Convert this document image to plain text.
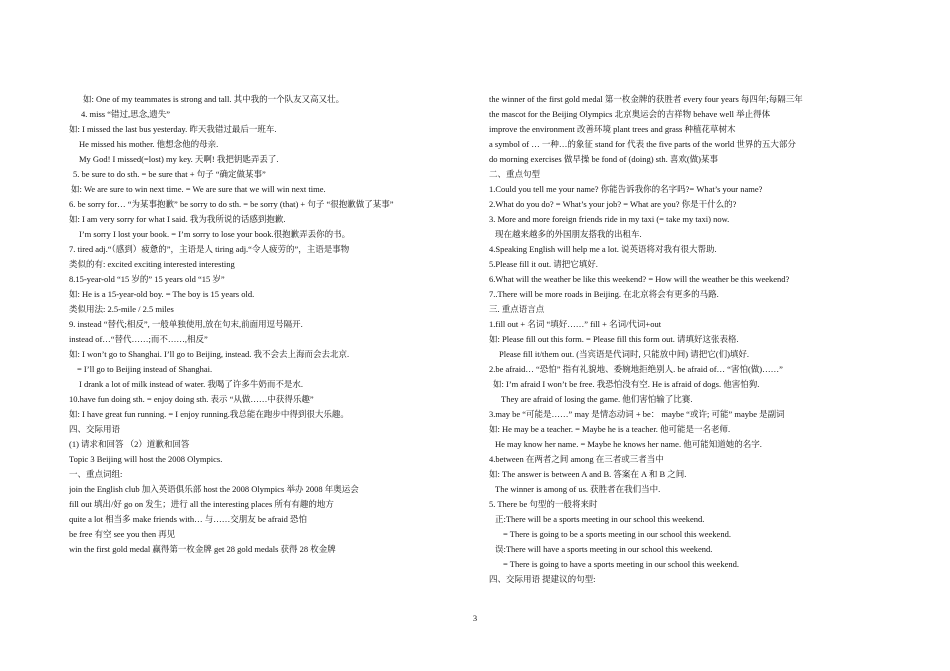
如: One of my teammates is strong and tall. 其中我的一个队友又高又壮。
4. miss “错过,思念,遗失”
如: I missed the last bus yesterday. 昨天我错过最后一班车.
He missed his mother. 他想念他的母亲.
My God! I missed(=lost) my key. 天啊! 我把钥匙弄丢了.
5. be sure to do sth. = be sure that + 句子 “确定做某事”
如: We are sure to win next time. = We are sure that we will win next time.
6. be sorry for… “为某事抱歉” be sorry to do sth. = be sorry (that) + 句子 “很抱歉做了某事”
如: I am very sorry for what I said. 我为我所说的话感到抱歉.
I’m sorry I lost your book. = I’m sorry to lose your book.很抱歉弄丢你的书。
7. tired adj.“（感到）疲惫的”，主语是人 tiring adj.“令人疲劳的”，主语是事物
类似的有: excited exciting interested interesting
8.15-year-old “15 岁的” 15 years old “15 岁”
如: He is a 15-year-old boy. = The boy is 15 years old.
类似用法: 2.5-mile / 2.5 miles
9. instead “替代;相反”, 一般单独使用,放在句末,前面用逗号隔开.
instead of…“替代……;而不……,相反”
如: I won’t go to Shanghai. I’ll go to Beijing, instead. 我不会去上海而会去北京.
= I’ll go to Beijing instead of Shanghai.
I drank a lot of milk instead of water. 我喝了许多牛奶而不是水.
10.have fun doing sth. = enjoy doing sth. 表示 “从做……中获得乐趣”
如: I have great fun running. = I enjoy running.我总能在跑步中得到很大乐趣。
四、交际用语
(1) 请求和回答 （2）道歉和回答
Topic 3 Beijing will host the 2008 Olympics.
一、重点词组:
join the English club 加入英语俱乐部 host the 2008 Olympics 举办 2008 年奥运会
fill out 填出/好 go on 发生；进行 all the interesting places 所有有趣的地方
quite a lot 相当多 make friends with… 与……交朋友 be afraid 恐怕
be free 有空 see you then 再见
win the first gold medal 赢得第一枚金牌 get 28 gold medals 获得 28 枚金牌
the winner of the first gold medal 第一枚金牌的获胜者 every four years 每四年;每隔三年
the mascot for the Beijing Olympics 北京奥运会的吉祥物 behave well 举止得体
improve the environment 改善环境 plant trees and grass 种植花草树木
a symbol of … 一种…的象征 stand for 代表 the five parts of the world 世界的五大部分
do morning exercises 做早操 be fond of (doing) sth. 喜欢(做)某事
二、重点句型
1.Could you tell me your name? 你能告诉我你的名字吗?= What’s your name?
2.What do you do? = What’s your job? = What are you? 你是干什么的?
3. More and more foreign friends ride in my taxi (= take my taxi) now.
现在越来越多的外国朋友搭我的出租车.
4.Speaking English will help me a lot. 说英语将对我有很大帮助.
5.Please fill it out. 请把它填好.
6.What will the weather be like this weekend? = How will the weather be this weekend?
7..There will be more roads in Beijing. 在北京将会有更多的马路.
三. 重点语言点
1.fill out + 名词 “填好……” fill + 名词/代词+out
如: Please fill out this form. = Please fill this form out. 请填好这张表格.
Please fill it/them out. (当宾语是代词时, 只能放中间) 请把它(们)填好.
2.be afraid… “恐怕” 指有礼貌地、委婉地拒绝别人. be afraid of… “害怕(做)……”
如: I’m afraid I won’t be free. 我恐怕没有空. He is afraid of dogs. 他害怕狗.
They are afraid of losing the game. 他们害怕输了比赛.
3.may be “可能是……” may 是情态动词 + be： maybe “或许; 可能” maybe 是副词
如: He may be a teacher. = Maybe he is a teacher. 他可能是一名老师.
He may know her name. = Maybe he knows her name. 他可能知道她的名字.
4.between 在两者之间 among 在三者或三者当中
如: The answer is between A and B. 答案在 A 和 B 之间.
The winner is among of us. 获胜者在我们当中.
5. There be 句型的一般将来时
正:There will be a sports meeting in our school this weekend.
= There is going to be a sports meeting in our school this weekend.
误:There will have a sports meeting in our school this weekend.
= There is going to have a sports meeting in our school this weekend.
四、交际用语 提建议的句型:
3
